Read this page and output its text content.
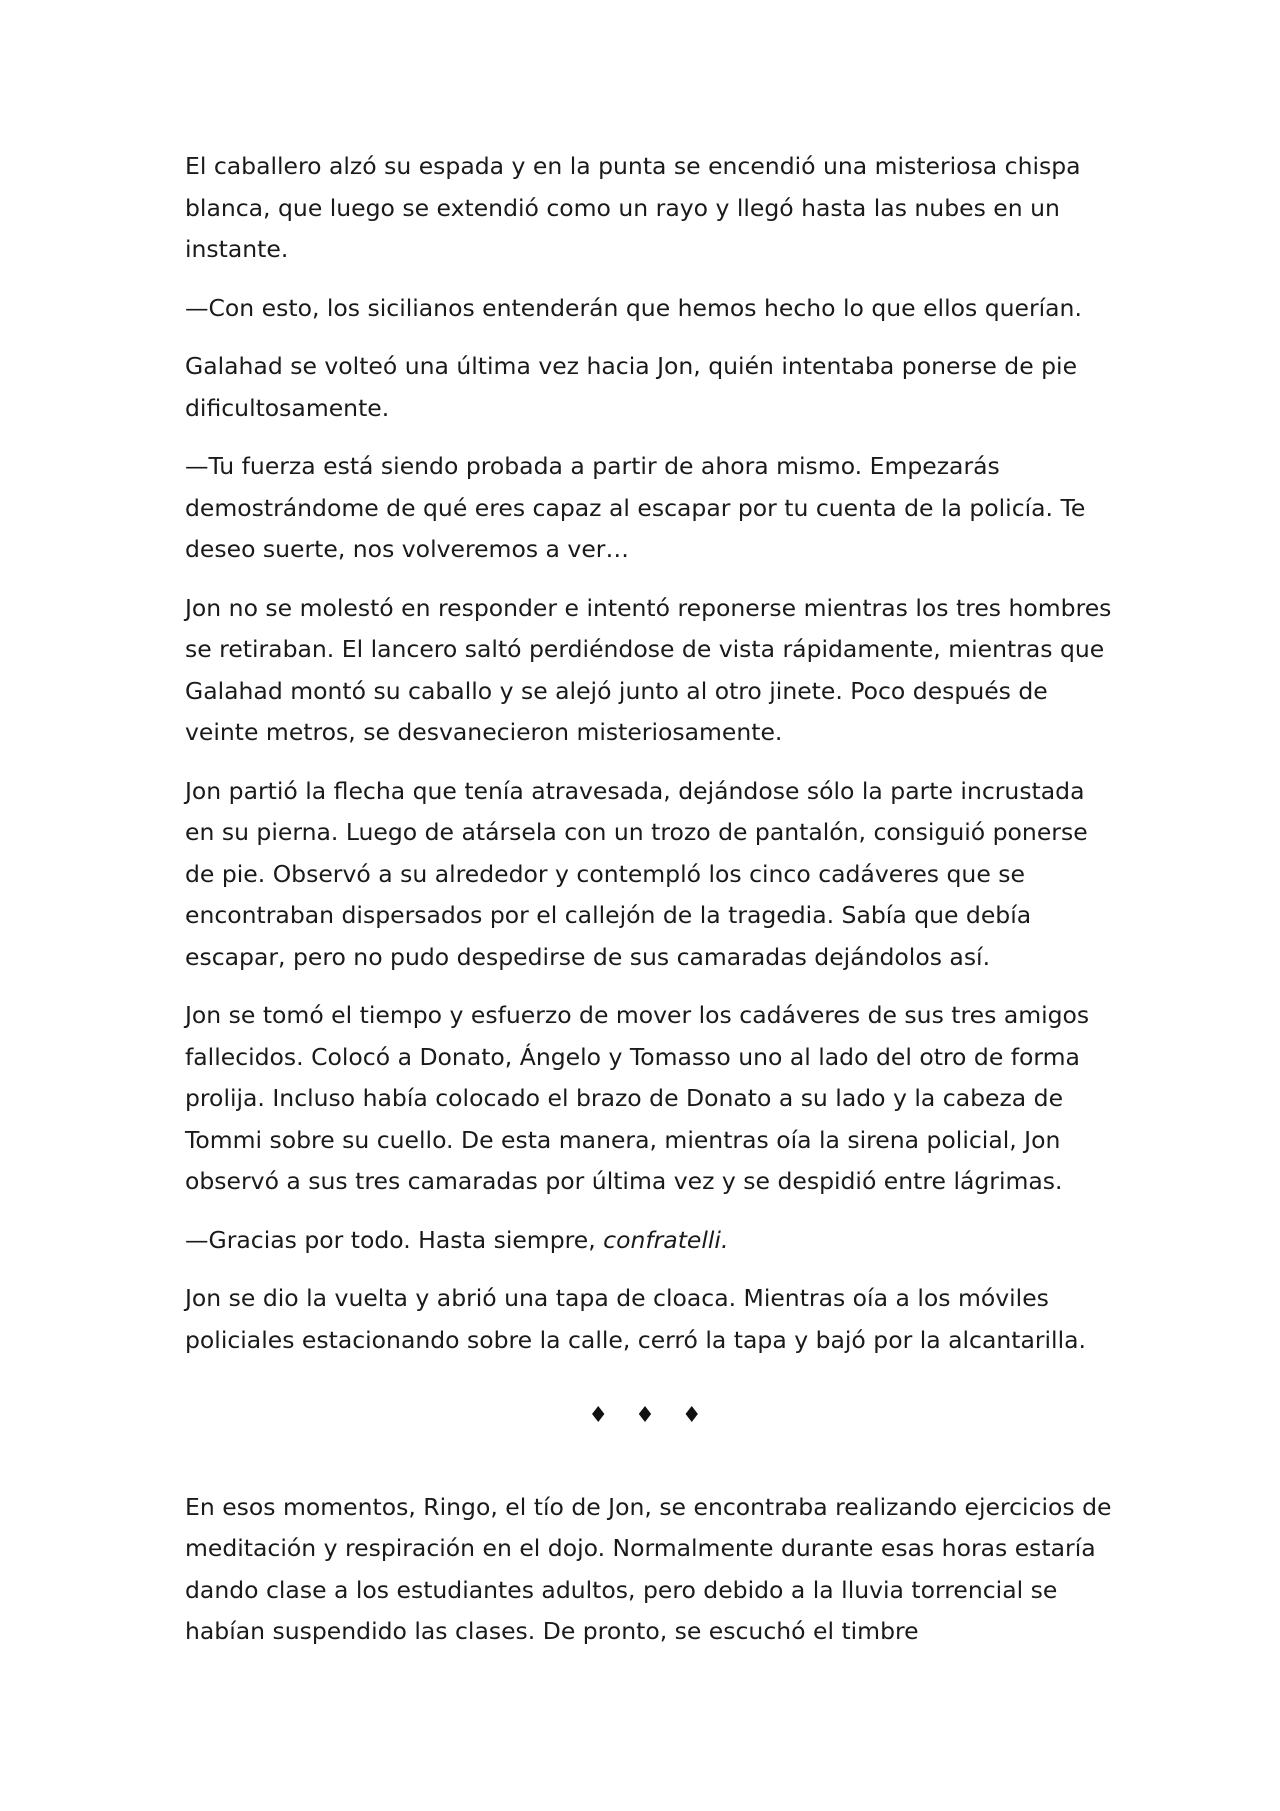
El caballero alzó su espada y en la punta se encendió una misteriosa chispa blanca, que luego se extendió como un rayo y llegó hasta las nubes en un instante.

—Con esto, los sicilianos entenderán que hemos hecho lo que ellos querían.

Galahad se volteó una última vez hacia Jon, quién intentaba ponerse de pie dificultosamente.

—Tu fuerza está siendo probada a partir de ahora mismo. Empezarás demostrándome de qué eres capaz al escapar por tu cuenta de la policía. Te deseo suerte, nos volveremos a ver…

Jon no se molestó en responder e intentó reponerse mientras los tres hombres se retiraban. El lancero saltó perdiéndose de vista rápidamente, mientras que Galahad montó su caballo y se alejó junto al otro jinete. Poco después de veinte metros, se desvanecieron misteriosamente.

Jon partió la flecha que tenía atravesada, dejándose sólo la parte incrustada en su pierna. Luego de atársela con un trozo de pantalón, consiguió ponerse de pie. Observó a su alrededor y contempló los cinco cadáveres que se encontraban dispersados por el callejón de la tragedia. Sabía que debía escapar, pero no pudo despedirse de sus camaradas dejándolos así.

Jon se tomó el tiempo y esfuerzo de mover los cadáveres de sus tres amigos fallecidos. Colocó a Donato, Ángelo y Tomasso uno al lado del otro de forma prolija. Incluso había colocado el brazo de Donato a su lado y la cabeza de Tommi sobre su cuello. De esta manera, mientras oía la sirena policial, Jon observó a sus tres camaradas por última vez y se despidió entre lágrimas.

—Gracias por todo. Hasta siempre, confratelli.

Jon se dio la vuelta y abrió una tapa de cloaca. Mientras oía a los móviles policiales estacionando sobre la calle, cerró la tapa y bajó por la alcantarilla.

♦ ♦ ♦

En esos momentos, Ringo, el tío de Jon, se encontraba realizando ejercicios de meditación y respiración en el dojo. Normalmente durante esas horas estaría dando clase a los estudiantes adultos, pero debido a la lluvia torrencial se habían suspendido las clases. De pronto, se escuchó el timbre
